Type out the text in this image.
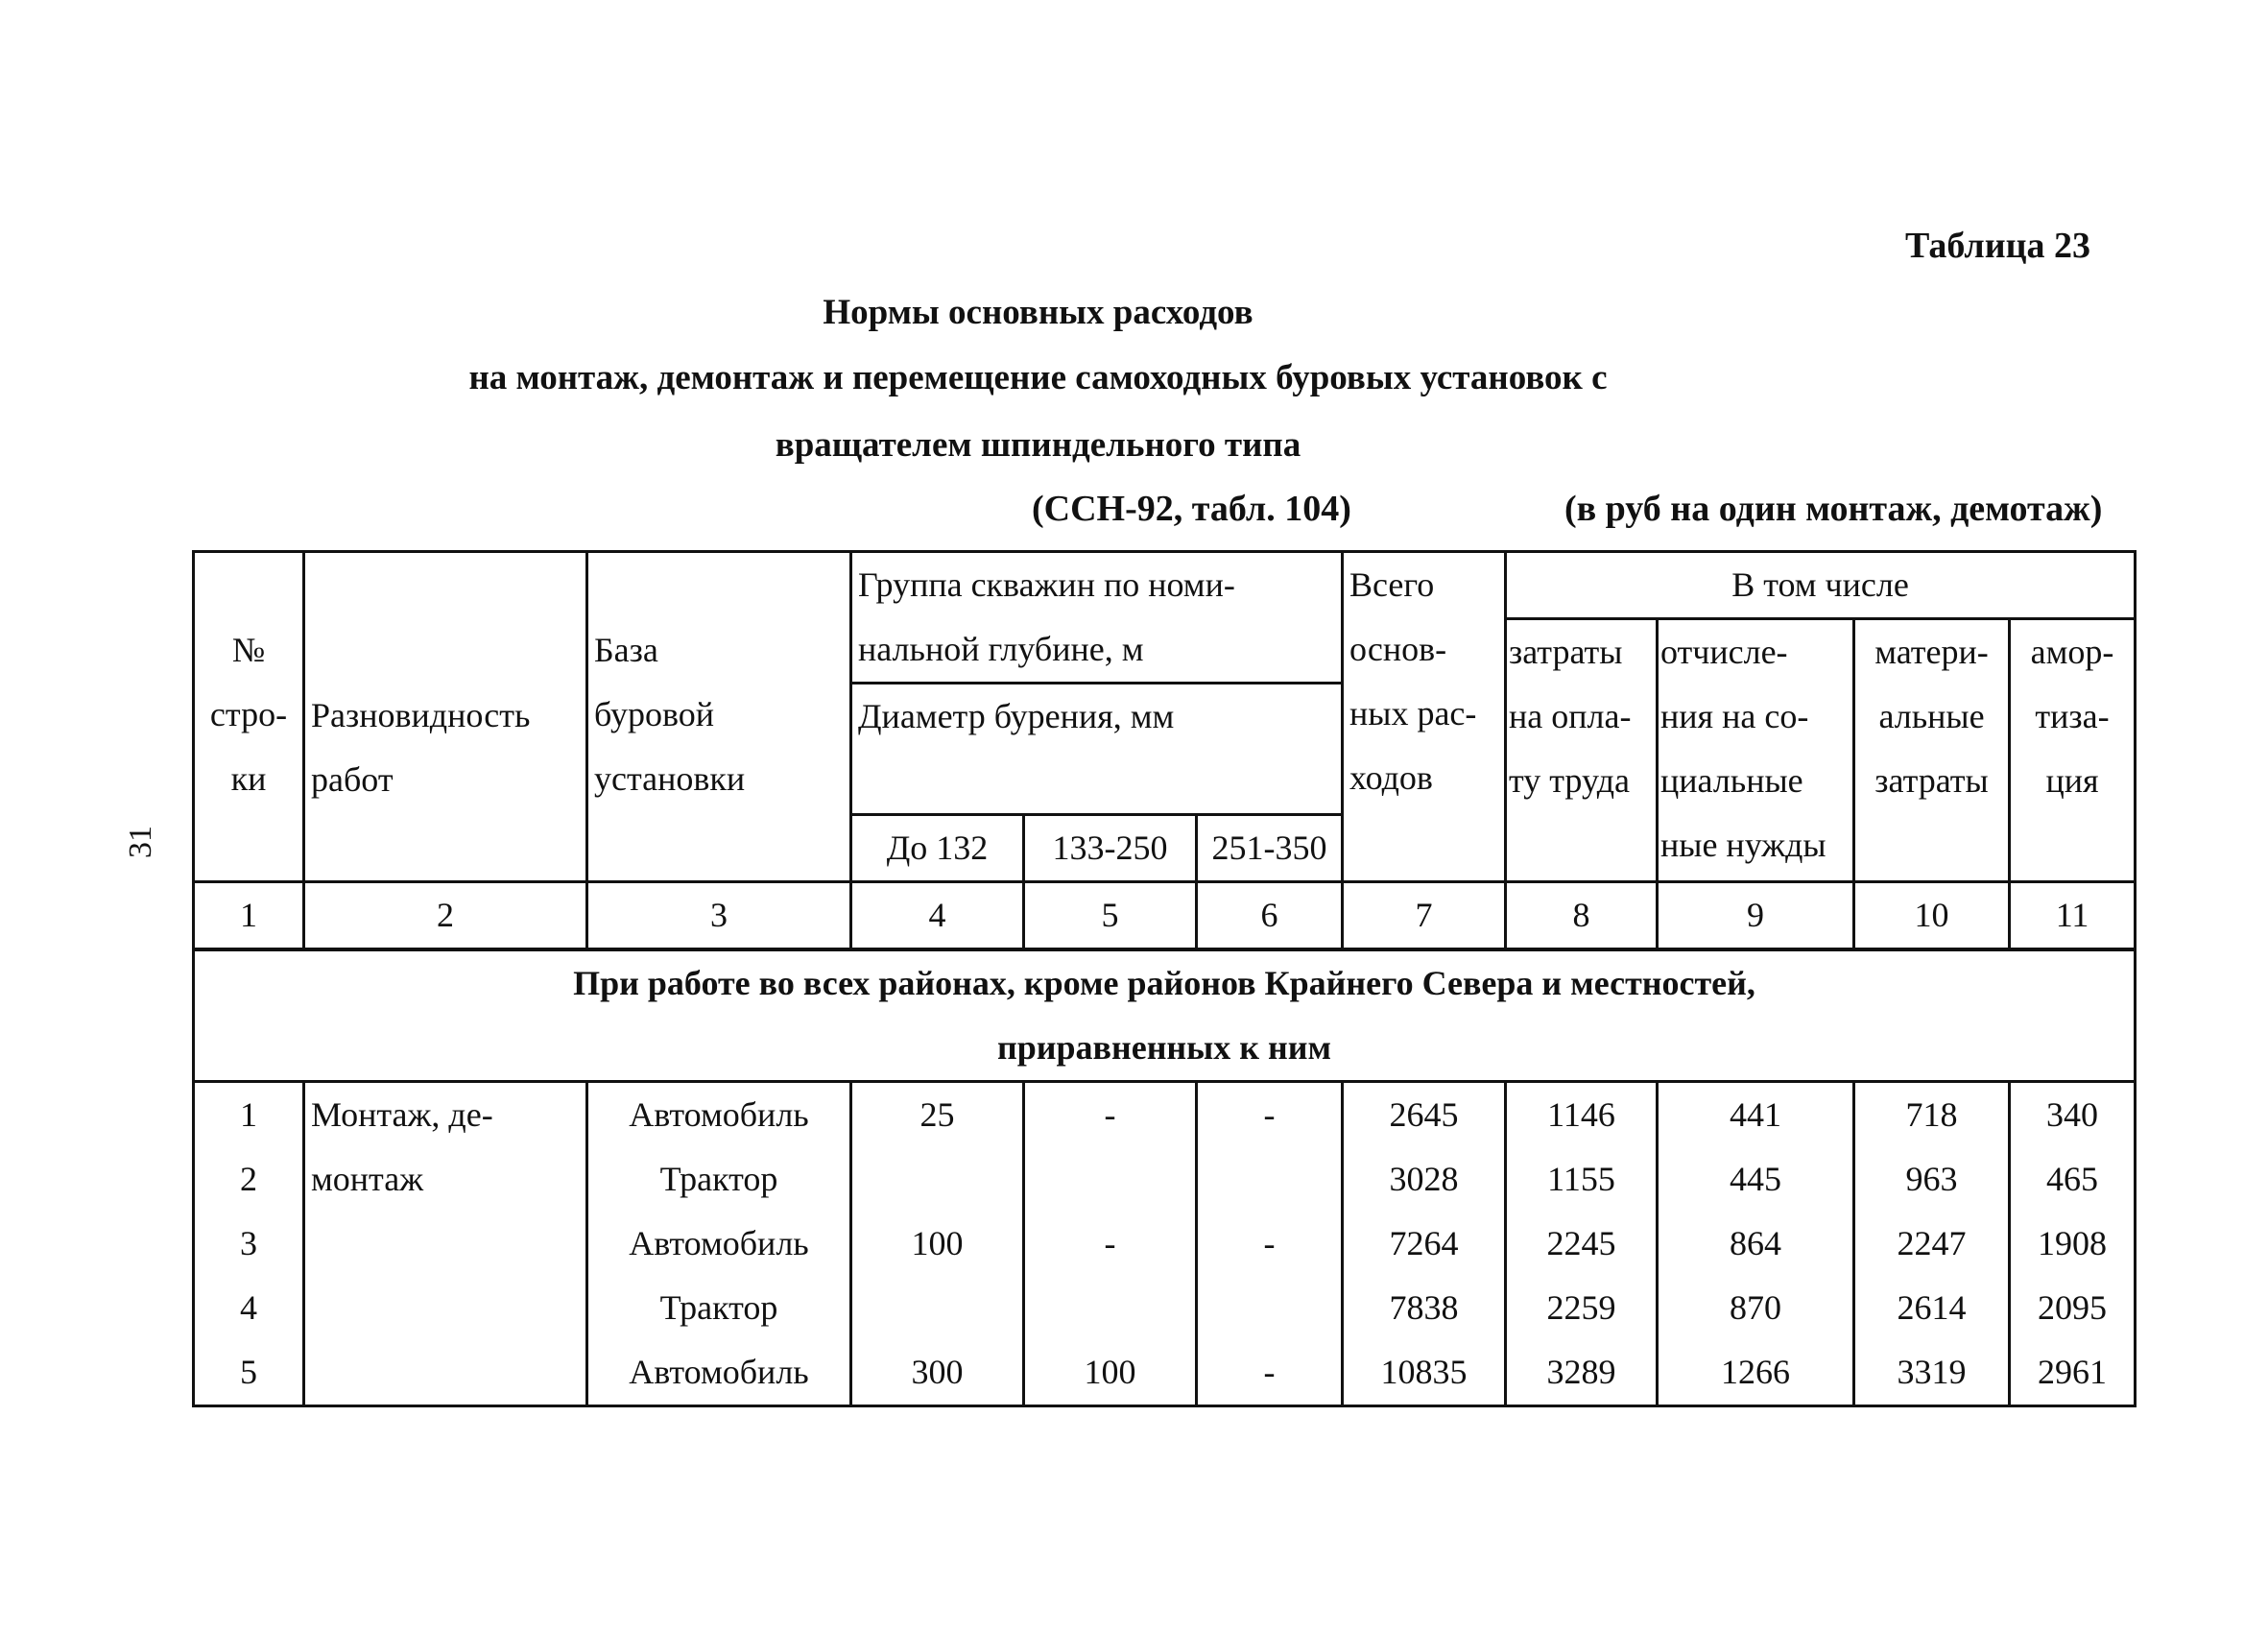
Таблица 23
Нормы основных расходов
на монтаж, демонтаж и перемещение самоходных буровых установок с
вращателем шпиндельного типа
(ССН-92, табл. 104)	(в руб на один монтаж, демотаж)
31
№ стро- ки	Разновидность работ	База буровой установки	Группа скважин по номи- нальной глубине, м			Всего основ- ных рас- ходов	В том числе			

							затраты на опла- ту труда	отчисле- ния на со- циальные ные нужды	матери- альные затраты	амор- тиза- ция

			Диаметр бурения, мм							

			До 132	133-250	251-350					
1	2	3	4	5	6	7	8	9	10	11

При работе во всех районах, кроме районов Крайнего Севера и местностей,
приравненных к ним										

1	Монтаж, де-	Автомобиль	25	-	-	2645	1146	441	718	340
2	монтаж	Трактор				3028	1155	445	963	465
3		Автомобиль	100	-	-	7264	2245	864	2247	1908
4		Трактор				7838	2259	870	2614	2095
5		Автомобиль	300	100	-	10835	3289	1266	3319	2961
